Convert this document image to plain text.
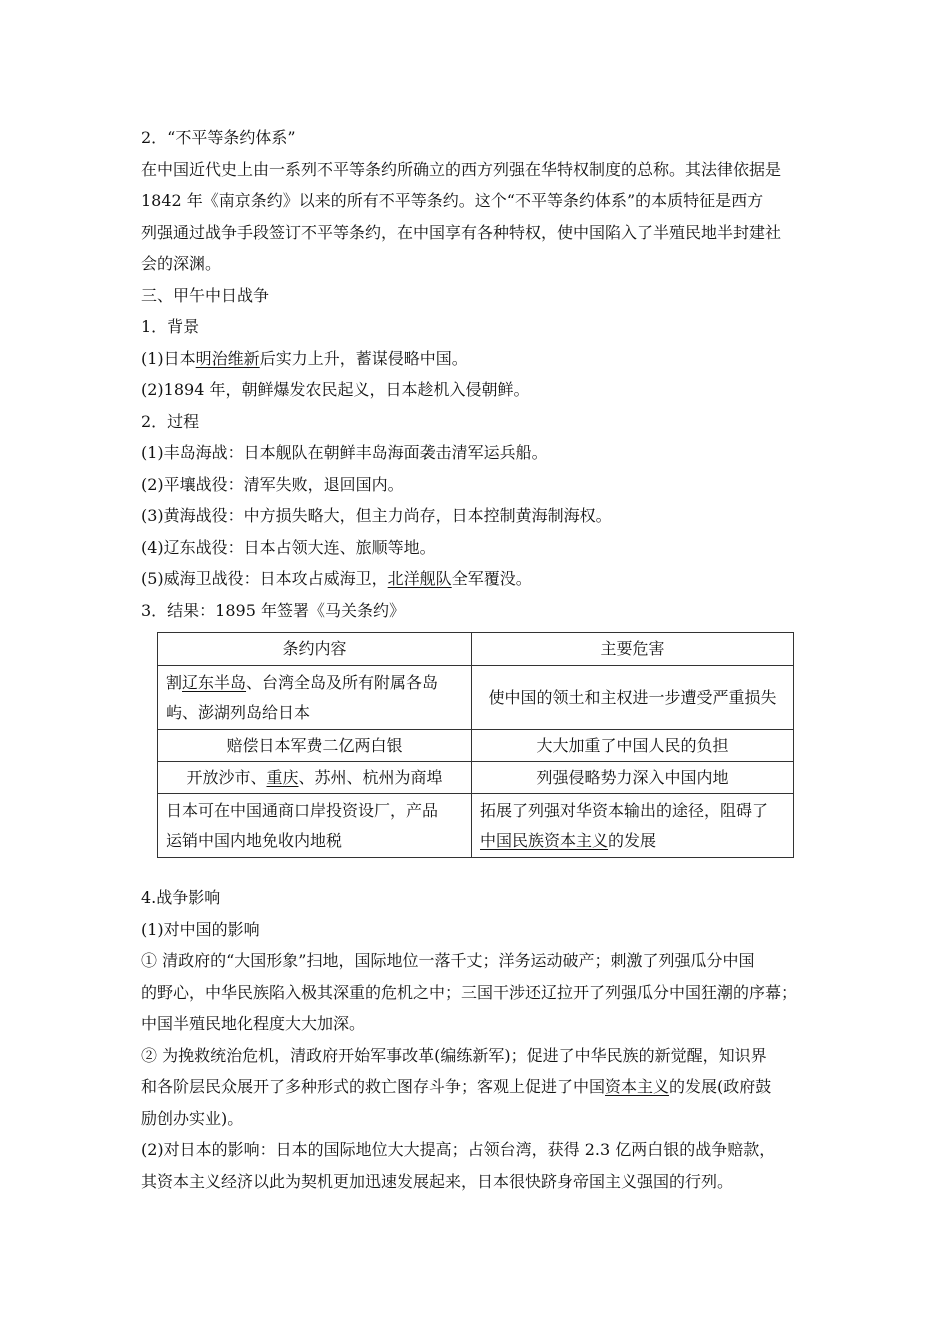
2．“不平等条约体系”
在中国近代史上由一系列不平等条约所确立的西方列强在华特权制度的总称。其法律依据是
1842 年《南京条约》以来的所有不平等条约。这个“不平等条约体系”的本质特征是西方
列强通过战争手段签订不平等条约，在中国享有各种特权，使中国陷入了半殖民地半封建社
会的深渊。
三、甲午中日战争
1．背景
(1)日本明治维新后实力上升，蓄谋侵略中国。
(2)1894 年，朝鲜爆发农民起义，日本趁机入侵朝鲜。
2．过程
(1)丰岛海战：日本舰队在朝鲜丰岛海面袭击清军运兵船。
(2)平壤战役：清军失败，退回国内。
(3)黄海战役：中方损失略大，但主力尚存，日本控制黄海制海权。
(4)辽东战役：日本占领大连、旅顺等地。
(5)威海卫战役：日本攻占威海卫，北洋舰队全军覆没。
3．结果：1895 年签署《马关条约》
条约内容	主要危害
割辽东半岛、台湾全岛及所有附属各岛
屿、澎湖列岛给日本	使中国的领土和主权进一步遭受严重损失
赔偿日本军费二亿两白银	大大加重了中国人民的负担
开放沙市、重庆、苏州、杭州为商埠	列强侵略势力深入中国内地
日本可在中国通商口岸投资设厂，产品
运销中国内地免收内地税	拓展了列强对华资本输出的途径，阻碍了
中国民族资本主义的发展
4.战争影响
(1)对中国的影响
① 清政府的“大国形象”扫地，国际地位一落千丈；洋务运动破产；刺激了列强瓜分中国
的野心，中华民族陷入极其深重的危机之中；三国干涉还辽拉开了列强瓜分中国狂潮的序幕；
中国半殖民地化程度大大加深。
② 为挽救统治危机，清政府开始军事改革(编练新军)；促进了中华民族的新觉醒，知识界
和各阶层民众展开了多种形式的救亡图存斗争；客观上促进了中国资本主义的发展(政府鼓
励创办实业)。
(2)对日本的影响：日本的国际地位大大提高；占领台湾，获得 2.3 亿两白银的战争赔款，
其资本主义经济以此为契机更加迅速发展起来，日本很快跻身帝国主义强国的行列。
